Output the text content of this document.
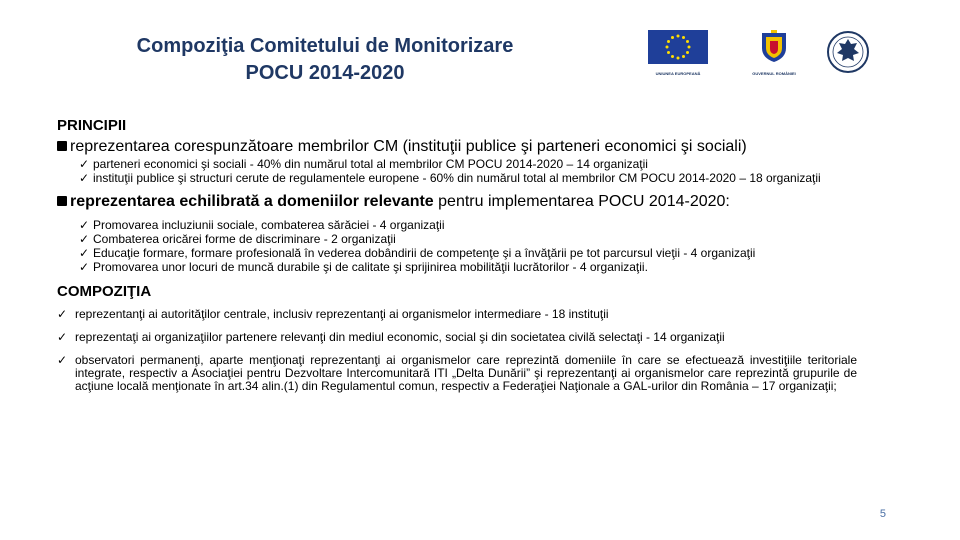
Compoziţia Comitetului de Monitorizare
POCU 2014-2020	UNIUNEA EUROPEANĂ	GUVERNUL ROMÂNIEI
PRINCIPII
reprezentarea corespunzătoare membrilor CM (instituţii publice şi parteneri economici şi sociali)
✓ parteneri economici şi sociali - 40% din numărul total al membrilor CM POCU 2014-2020 – 14 organizaţii
✓ instituţii publice şi structuri cerute de regulamentele europene - 60% din numărul total al membrilor CM POCU 2014-2020 – 18 organizaţii
reprezentarea echilibrată a domeniilor relevante pentru implementarea POCU 2014-2020:
✓ Promovarea incluziunii sociale, combaterea sărăciei - 4 organizaţii
✓ Combaterea oricărei forme de discriminare - 2 organizaţii
✓ Educaţie formare, formare profesională în vederea dobândirii de competenţe şi a învăţării pe tot parcursul vieţii - 4 organizaţii
✓ Promovarea unor locuri de muncă durabile şi de calitate şi sprijinirea mobilităţii lucrătorilor - 4 organizaţii.
COMPOZIŢIA
✓ reprezentanţi ai autorităţilor centrale, inclusiv reprezentanţi ai organismelor intermediare - 18 instituţii
✓ reprezentaţi ai organizaţiilor partenere relevanţi din mediul economic, social şi din societatea civilă selectaţi - 14 organizaţii
✓ observatori permanenţi, aparte menţionaţi reprezentanţi ai organismelor care reprezintă domeniile în care se efectuează investiţiile teritoriale integrate, respectiv a Asociaţiei pentru Dezvoltare Intercomunitară ITI „Delta Dunării” şi reprezentanţi ai organismelor care reprezintă grupurile de acţiune locală menţionate în art.34 alin.(1) din Regulamentul comun, respectiv a Federaţiei Naţionale a GAL-urilor din România – 17 organizaţii;
5
